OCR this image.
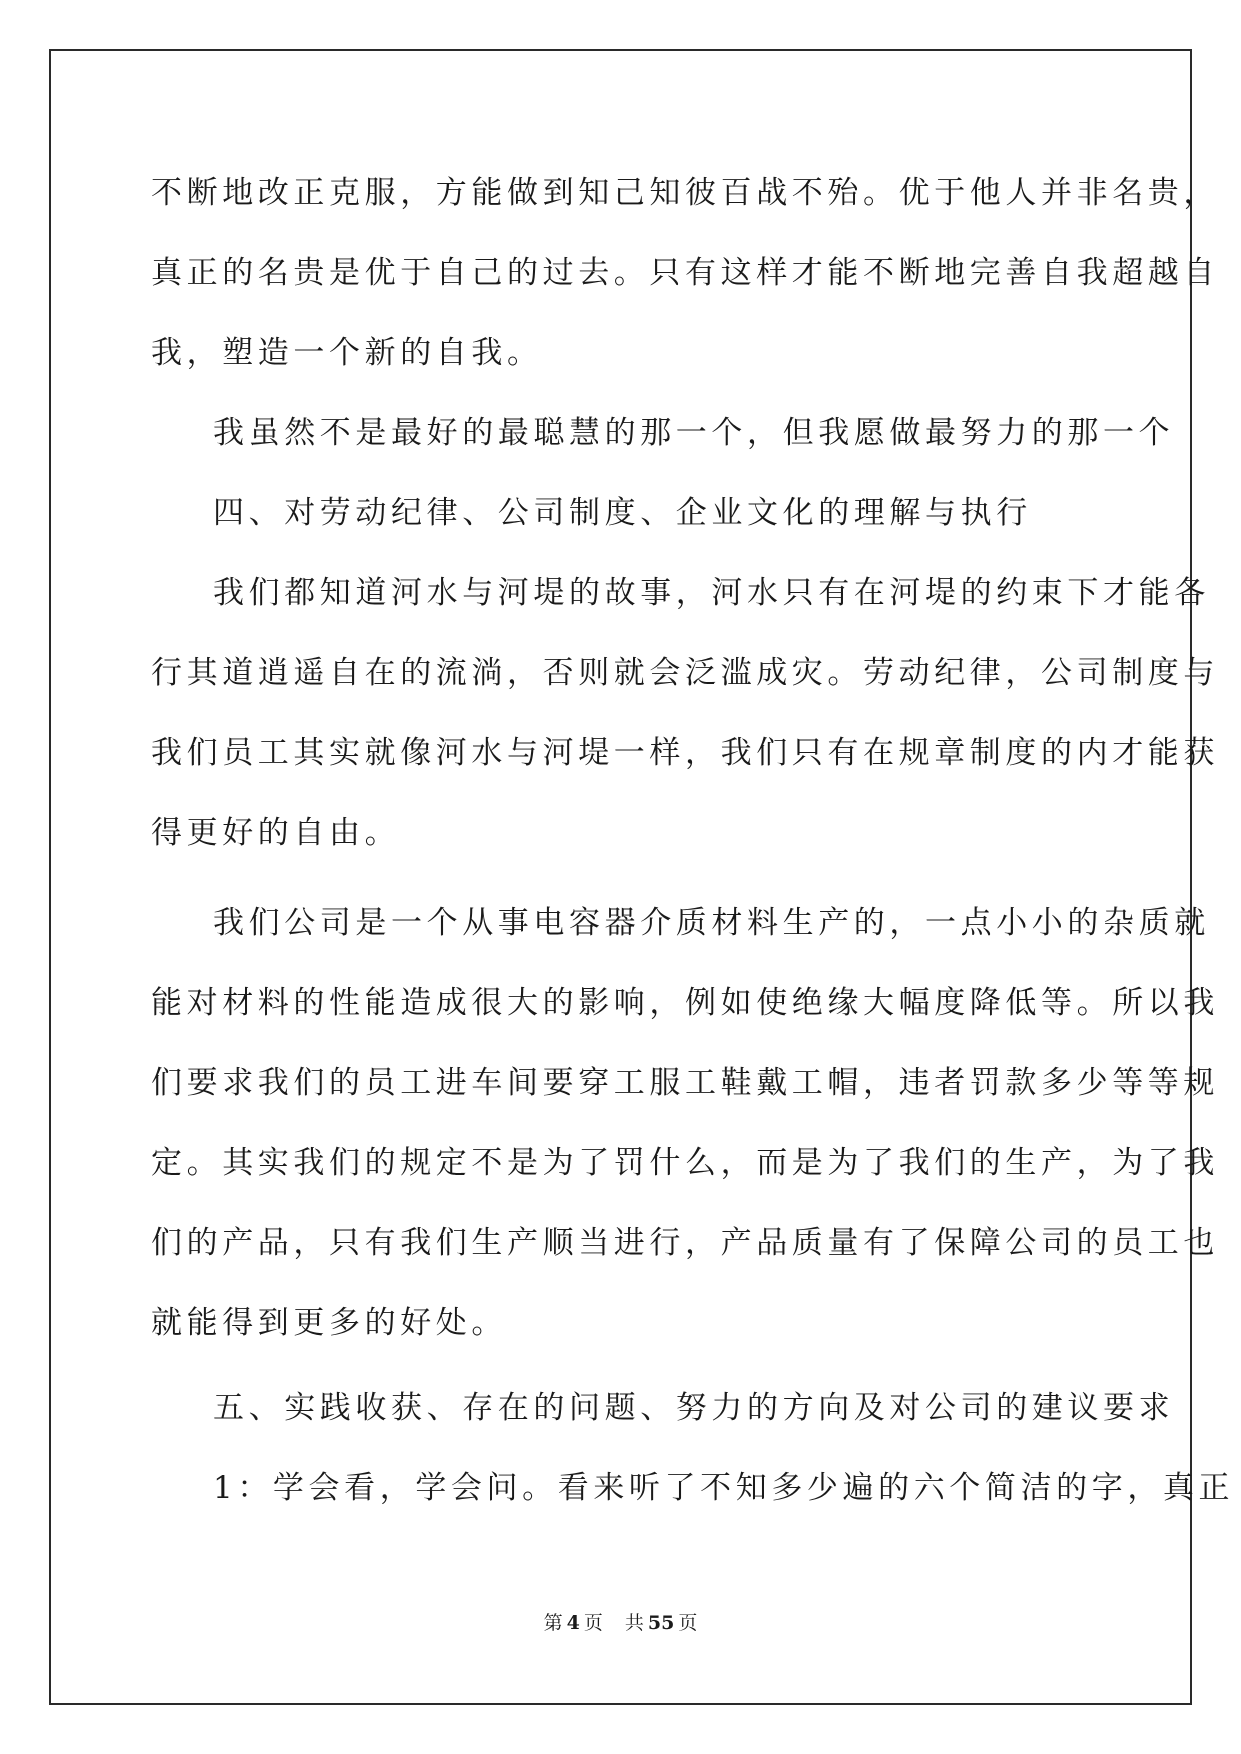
不断地改正克服，方能做到知己知彼百战不殆。优于他人并非名贵，
真正的名贵是优于自己的过去。只有这样才能不断地完善自我超越自
我，塑造一个新的自我。
我虽然不是最好的最聪慧的那一个，但我愿做最努力的那一个
四、对劳动纪律、公司制度、企业文化的理解与执行
我们都知道河水与河堤的故事，河水只有在河堤的约束下才能各
行其道逍遥自在的流淌，否则就会泛滥成灾。劳动纪律，公司制度与
我们员工其实就像河水与河堤一样，我们只有在规章制度的内才能获
得更好的自由。
我们公司是一个从事电容器介质材料生产的，一点小小的杂质就
能对材料的性能造成很大的影响，例如使绝缘大幅度降低等。所以我
们要求我们的员工进车间要穿工服工鞋戴工帽，违者罚款多少等等规
定。其实我们的规定不是为了罚什么，而是为了我们的生产，为了我
们的产品，只有我们生产顺当进行，产品质量有了保障公司的员工也
就能得到更多的好处。
五、实践收获、存在的问题、努力的方向及对公司的建议要求
1：学会看，学会问。看来听了不知多少遍的六个简洁的字，真正
第 4 页 共 55 页
